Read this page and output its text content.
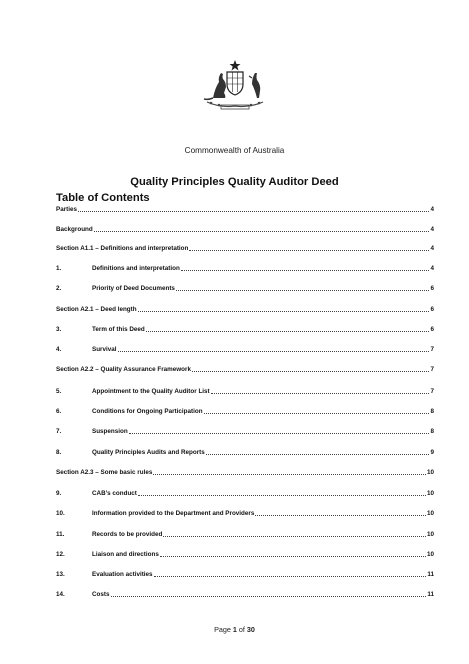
Commonwealth of Australia
Quality Principles Quality Auditor Deed
Table of Contents
Parties	4
Background	4
Section A1.1 – Definitions and interpretation	4
1.	Definitions and interpretation	4
2.	Priority of Deed Documents	6
Section A2.1 – Deed length	6
3.	Term of this Deed	6
4.	Survival	7
Section A2.2 – Quality Assurance Framework	7
5.	Appointment to the Quality Auditor List	7
6.	Conditions for Ongoing Participation	8
7.	Suspension	8
8.	Quality Principles Audits and Reports	9
Section A2.3 – Some basic rules	10
9.	CAB’s conduct	10
10.	Information provided to the Department and Providers	10
11.	Records to be provided	10
12.	Liaison and directions	10
13.	Evaluation activities	11
14.	Costs	11
Page 1 of 30
